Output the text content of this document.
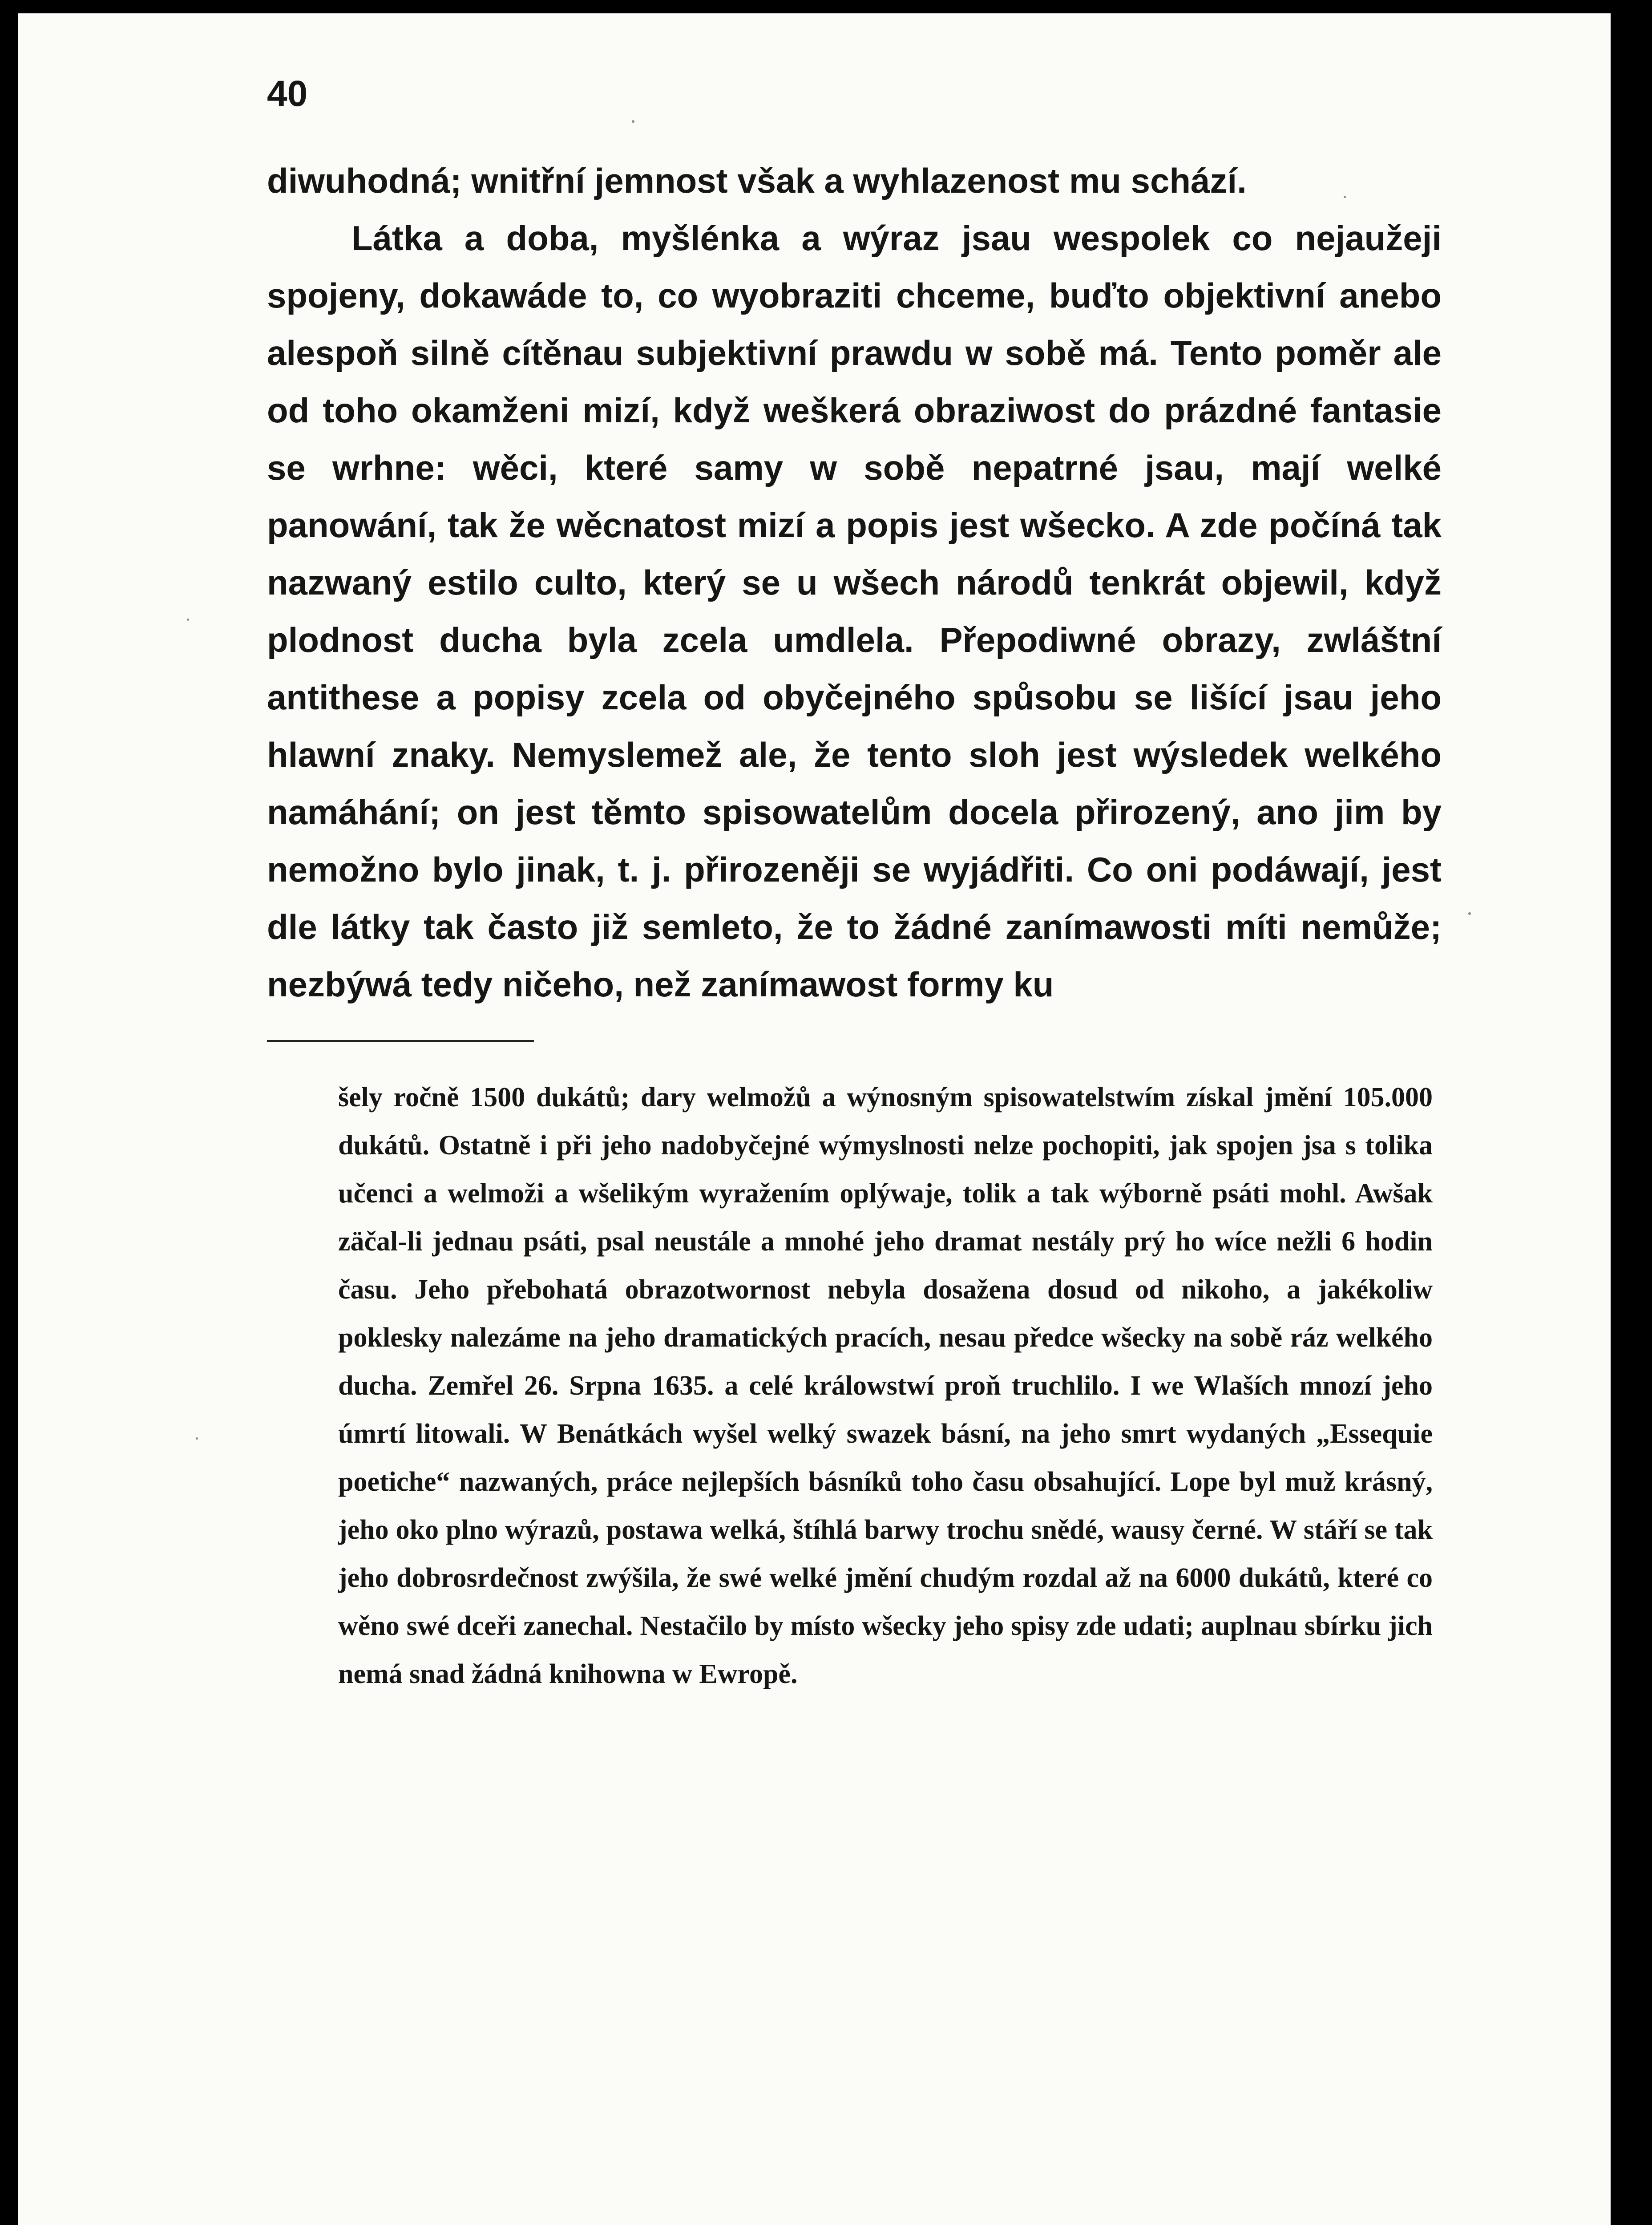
40

diwuhodná; wnitřní jemnost však a wyhlazenost mu schází.

Látka a doba, myšlénka a wýraz jsau wespolek co nejaužeji spojeny, dokawáde to, co wyobraziti chceme, buďto objektivní anebo alespoň silně cítěnau subjektivní prawdu w sobě má. Tento poměr ale od toho okamženi mizí, když weškerá obraziwost do prázdné fantasie se wrhne: wěci, které samy w sobě nepatrné jsau, mají welké panowání, tak že wěcnatost mizí a popis jest wšecko. A zde počíná tak nazwaný estilo culto, který se u wšech národů tenkrát objewil, když plodnost ducha byla zcela umdlela. Přepodiwné obrazy, zwláštní antithese a popisy zcela od obyčejného spůsobu se lišící jsau jeho hlawní znaky. Nemyslemež ale, že tento sloh jest wýsledek welkého namáhání; on jest těmto spisowatelům docela přirozený, ano jim by nemožno bylo jinak, t. j. přirozeněji se wyjádřiti. Co oni podáwají, jest dle látky tak často již semleto, že to žádné zanímawosti míti nemůže; nezbýwá tedy ničeho, než zanímawost formy ku

šely ročně 1500 dukátů; dary welmožů a wýnosným spisowatelstwím získal jmění 105.000 dukátů. Ostatně i při jeho nadobyčejné wýmyslnosti nelze pochopiti, jak spojen jsa s tolika učenci a welmoži a wšelikým wyražením oplýwaje, tolik a tak wýborně psáti mohl. Awšak zäčal-li jednau psáti, psal neustále a mnohé jeho dramat nestály prý ho wíce nežli 6 hodin času. Jeho přebohatá obrazotwornost nebyla dosažena dosud od nikoho, a jakékoliw poklesky nalezáme na jeho dramatických pracích, nesau předce wšecky na sobě ráz welkého ducha. Zemřel 26. Srpna 1635. a celé králowstwí proň truchlilo. I we Wlaších mnozí jeho úmrtí litowali. W Benátkách wyšel welký swazek básní, na jeho smrt wydaných „Essequie poetiche“ nazwaných, práce nejlepších básníků toho času obsahující. Lope byl muž krásný, jeho oko plno wýrazů, postawa welká, štíhlá barwy trochu snědé, wausy černé. W stáří se tak jeho dobrosrdečnost zwýšila, že swé welké jmění chudým rozdal až na 6000 dukátů, které co wěno swé dceři zanechal. Nestačilo by místo wšecky jeho spisy zde udati; auplnau sbírku jich nemá snad žádná knihowna w Ewropě.
